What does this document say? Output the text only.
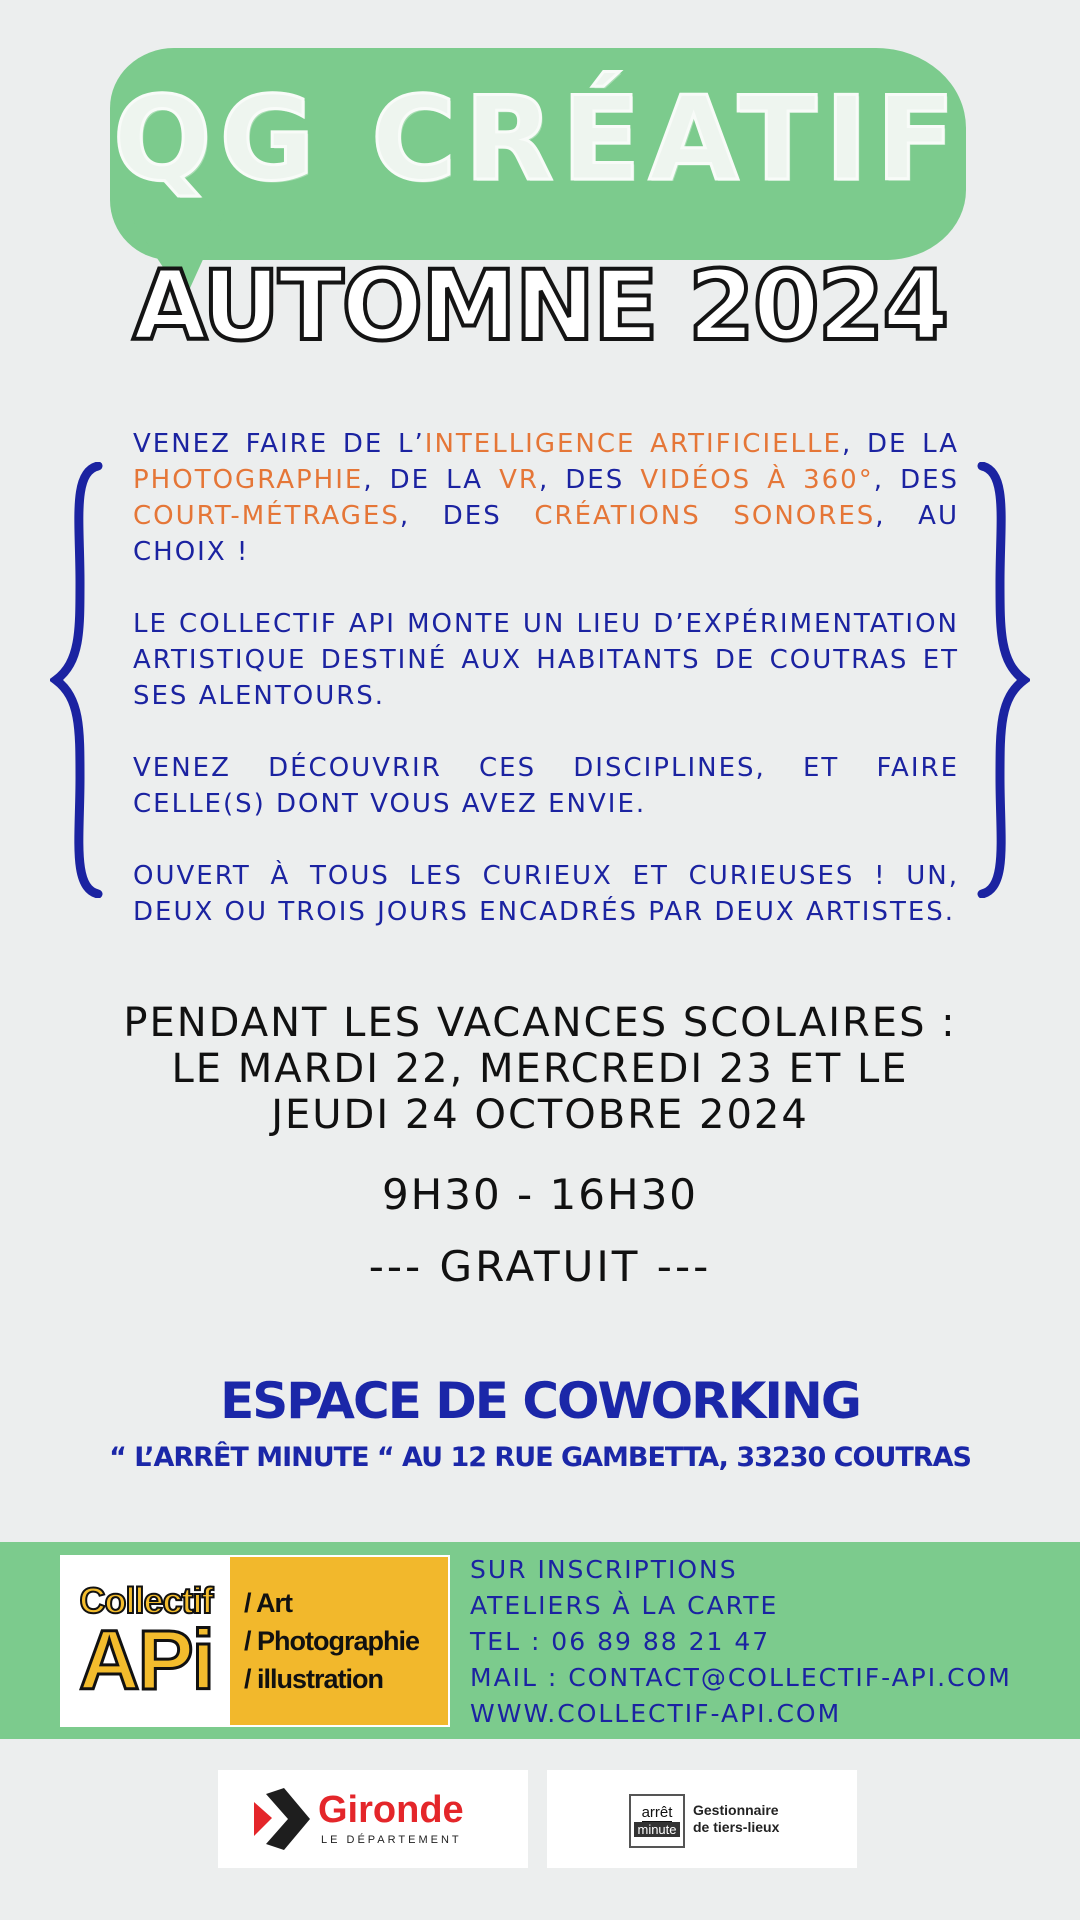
QG CRÉATIF
AUTOMNE 2024

VENEZ FAIRE DE L’INTELLIGENCE ARTIFICIELLE, DE LA PHOTOGRAPHIE, DE LA VR, DES VIDÉOS À 360°, DES COURT-MÉTRAGES, DES CRÉATIONS SONORES, AU CHOIX !

LE COLLECTIF API MONTE UN LIEU D’EXPÉRIMENTATION ARTISTIQUE DESTINÉ AUX HABITANTS DE COUTRAS ET SES ALENTOURS.

VENEZ DÉCOUVRIR CES DISCIPLINES, ET FAIRE CELLE(S) DONT VOUS AVEZ ENVIE.

OUVERT À TOUS LES CURIEUX ET CURIEUSES ! UN, DEUX OU TROIS JOURS ENCADRÉS PAR DEUX ARTISTES.

PENDANT LES VACANCES SCOLAIRES :
LE MARDI 22, MERCREDI 23 ET LE
JEUDI 24 OCTOBRE 2024
9H30 - 16H30
--- GRATUIT ---
ESPACE DE COWORKING
“ L’ARRÊT MINUTE “ AU 12 RUE GAMBETTA, 33230 COUTRAS
Collectif
APi
/ Art
/ Photographie
/ illustration
SUR INSCRIPTIONS
ATELIERS À LA CARTE
TEL : 06 89 88 21 47
MAIL : CONTACT@COLLECTIF-API.COM
WWW.COLLECTIF-API.COM
Gironde
LE DÉPARTEMENT
arrêt
minute
Gestionnaire
de tiers-lieux
